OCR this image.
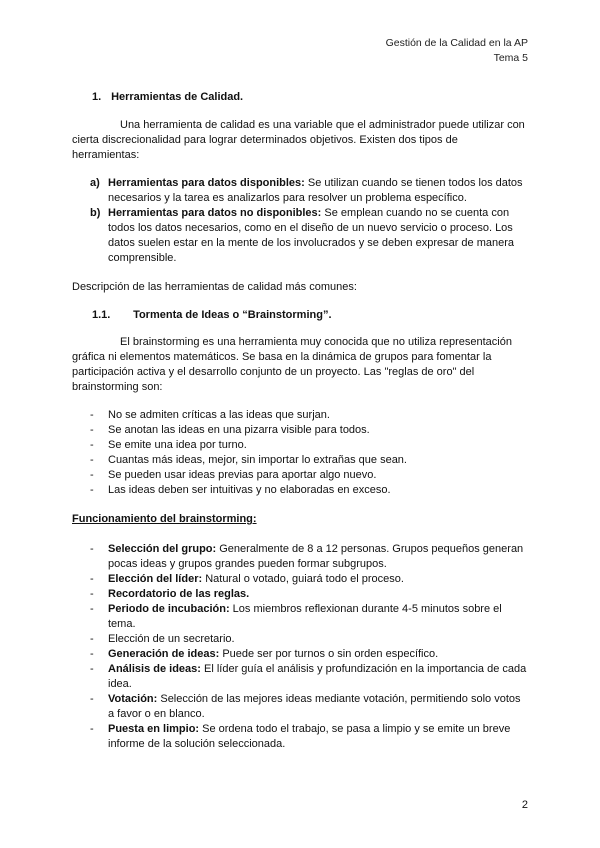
Gestión de la Calidad en la AP
Tema 5
1. Herramientas de Calidad.
Una herramienta de calidad es una variable que el administrador puede utilizar con cierta discrecionalidad para lograr determinados objetivos. Existen dos tipos de herramientas:
a) Herramientas para datos disponibles: Se utilizan cuando se tienen todos los datos necesarios y la tarea es analizarlos para resolver un problema específico.
b) Herramientas para datos no disponibles: Se emplean cuando no se cuenta con todos los datos necesarios, como en el diseño de un nuevo servicio o proceso. Los datos suelen estar en la mente de los involucrados y se deben expresar de manera comprensible.
Descripción de las herramientas de calidad más comunes:
1.1. Tormenta de Ideas o “Brainstorming”.
El brainstorming es una herramienta muy conocida que no utiliza representación gráfica ni elementos matemáticos. Se basa en la dinámica de grupos para fomentar la participación activa y el desarrollo conjunto de un proyecto. Las "reglas de oro" del brainstorming son:
- No se admiten críticas a las ideas que surjan.
- Se anotan las ideas en una pizarra visible para todos.
- Se emite una idea por turno.
- Cuantas más ideas, mejor, sin importar lo extrañas que sean.
- Se pueden usar ideas previas para aportar algo nuevo.
- Las ideas deben ser intuitivas y no elaboradas en exceso.
Funcionamiento del brainstorming:
- Selección del grupo: Generalmente de 8 a 12 personas. Grupos pequeños generan pocas ideas y grupos grandes pueden formar subgrupos.
- Elección del líder: Natural o votado, guiará todo el proceso.
- Recordatorio de las reglas.
- Periodo de incubación: Los miembros reflexionan durante 4-5 minutos sobre el tema.
- Elección de un secretario.
- Generación de ideas: Puede ser por turnos o sin orden específico.
- Análisis de ideas: El líder guía el análisis y profundización en la importancia de cada idea.
- Votación: Selección de las mejores ideas mediante votación, permitiendo solo votos a favor o en blanco.
- Puesta en limpio: Se ordena todo el trabajo, se pasa a limpio y se emite un breve informe de la solución seleccionada.
2
